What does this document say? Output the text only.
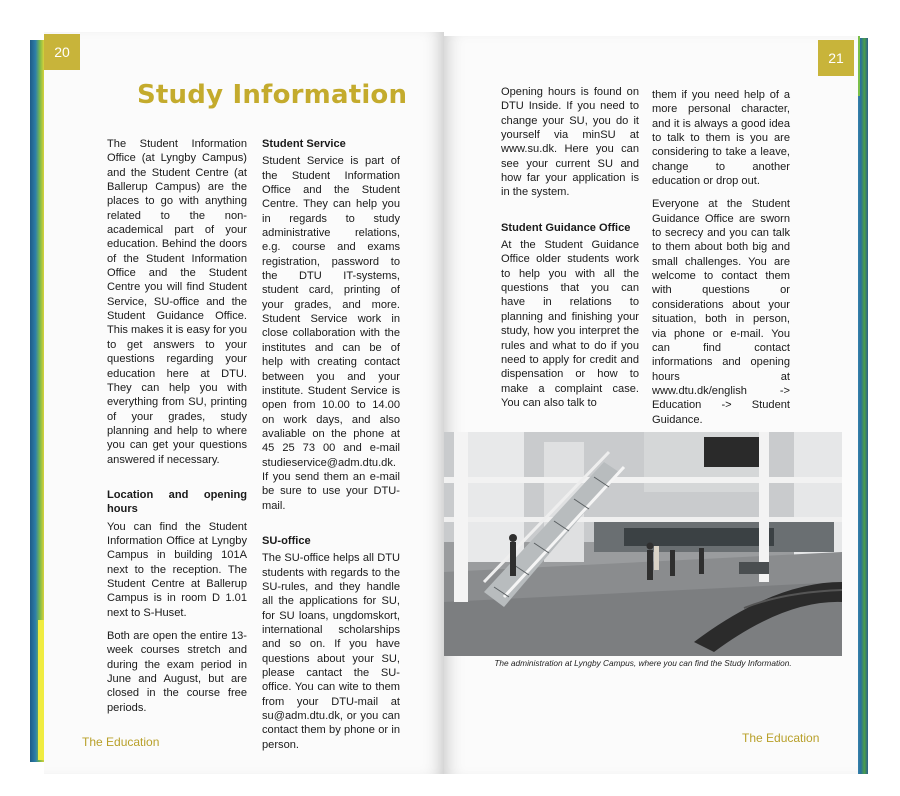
20
Study Information

The Student Information Office (at Lyngby Campus) and the Student Centre (at Ballerup Campus) are the places to go with anything related to the non-academical part of your education. Behind the doors of the Student Information Office and the Student Centre you will find Student Service, SU-office and the Student Guidance Office. This makes it is easy for you to get answers to your questions regarding your education here at DTU. They can help you with everything from SU, printing of your grades, study planning and help to where you can get your questions answered if necessary.

Location and opening hours

You can find the Student Information Office at Lyngby Campus in building 101A next to the reception. The Student Centre at Ballerup Campus is in room D 1.01 next to S-Huset.

Both are open the entire 13-week courses stretch and during the exam period in June and August, but are closed in the course free periods.

Student Service

Student Service is part of the Student Information Office and the Student Centre. They can help you in regards to study administrative relations, e.g. course and exams registration, password to the DTU IT-systems, student card, printing of your grades, and more. Student Service work in close collaboration with the institutes and can be of help with creating contact between you and your institute. Student Service is open from 10.00 to 14.00 on work days, and also avaliable on the phone at 45 25 73 00 and e-mail studieservice@adm.dtu.dk. If you send them an e-mail be sure to use your DTU-mail.

SU-office

The SU-office helps all DTU students with regards to the SU-rules, and they handle all the applications for SU, for SU loans, ungdomskort, international scholarships and so on. If you have questions about your SU, please cantact the SU-office. You can wite to them from your DTU-mail at su@adm.dtu.dk, or you can contact them by phone or in person.

The Education
21

Opening hours is found on DTU Inside. If you need to change your SU, you do it yourself via minSU at www.su.dk. Here you can see your current SU and how far your application is in the system.

Student Guidance Office

At the Student Guidance Office older students work to help you with all the questions that you can have in relations to planning and finishing your study, how you interpret the rules and what to do if you need to apply for credit and dispensation or how to make a complaint case. You can also talk to

them if you need help of a more personal character, and it is always a good idea to talk to them is you are considering to take a leave, change to another education or drop out.

Everyone at the Student Guidance Office are sworn to secrecy and you can talk to them about both big and small challenges. You are welcome to contact them with questions or considerations about your situation, both in person, via phone or e-mail. You can find contact informations and opening hours at www.dtu.dk/english -> Education -> Student Guidance.

The administration at Lyngby Campus, where you can find the Study Information.
The Education
